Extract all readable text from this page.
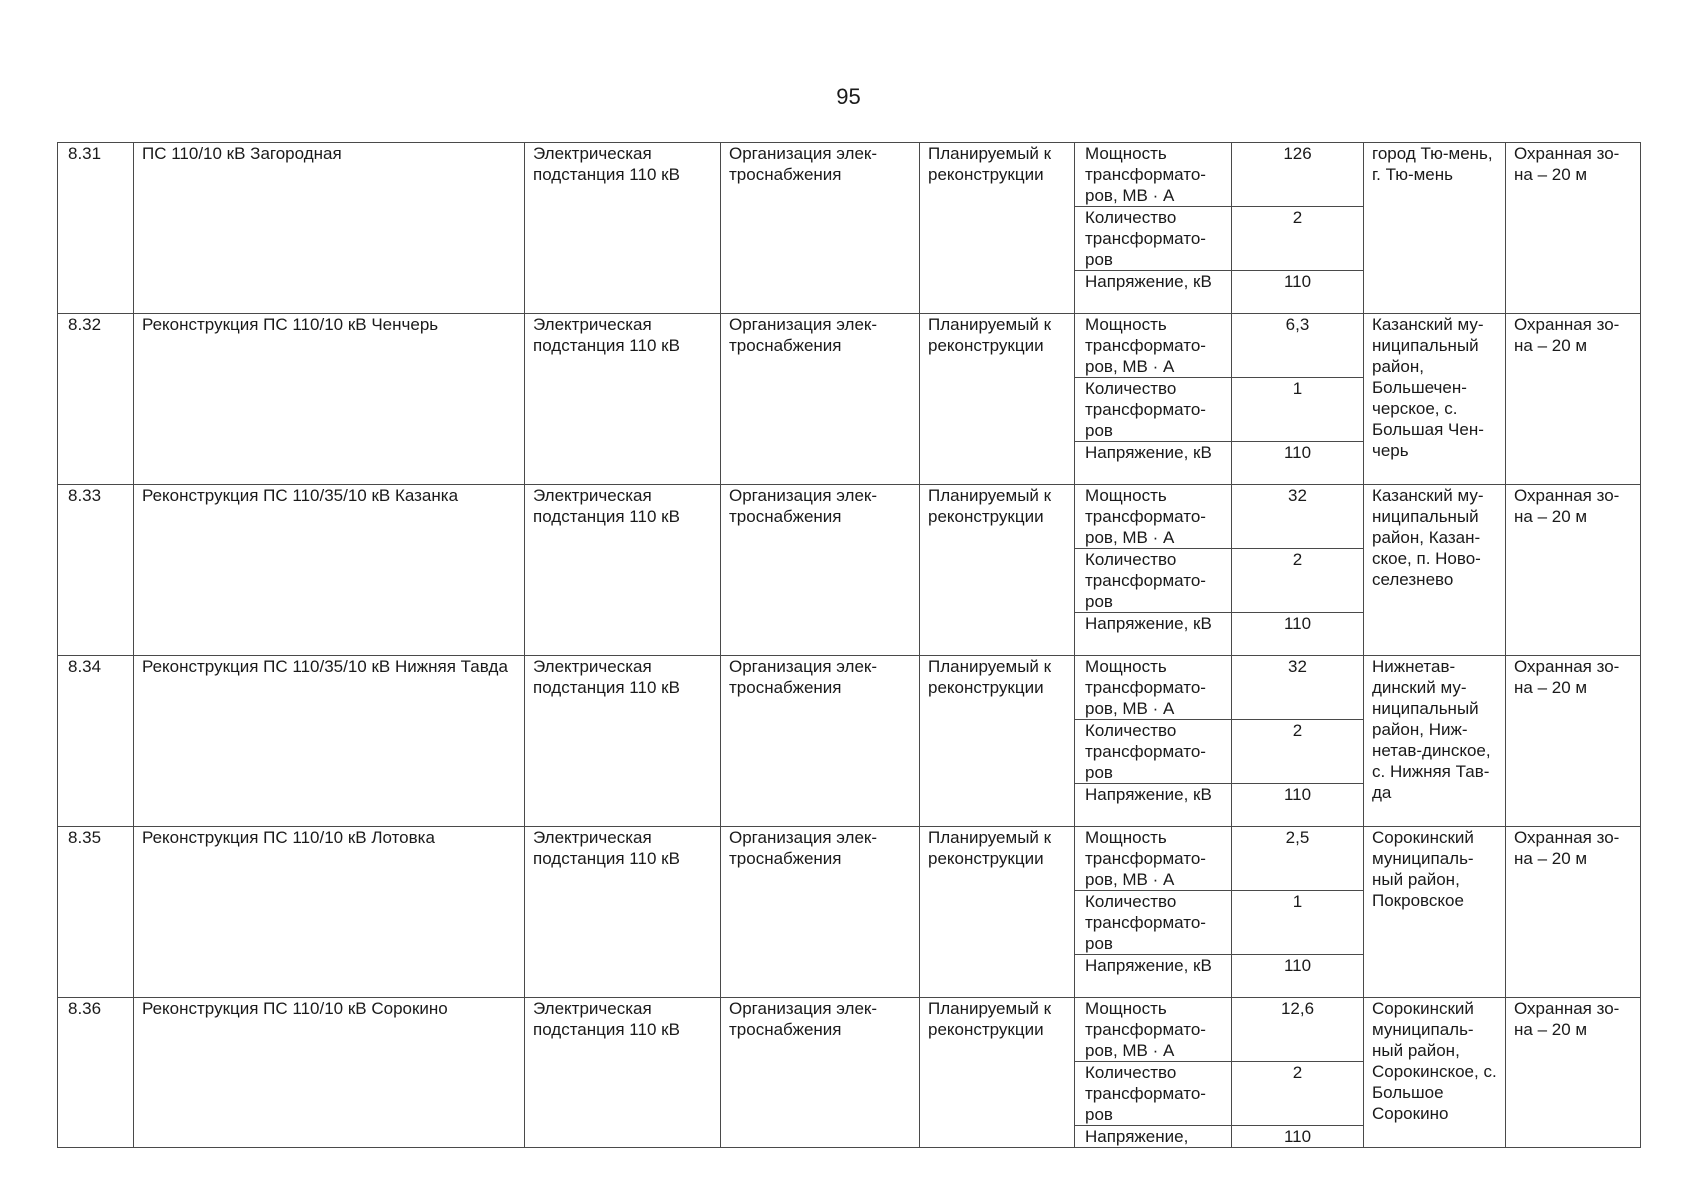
95
8.31	ПС 110/10 кВ Загородная	Электрическая подстанция 110 кВ	Организация элек-троснабжения	Планируемый к реконструкции	Мощность трансформато-ров, МВ · А	126	город Тю-мень, г. Тю-мень	Охранная зо-на – 20 м
					Количество трансформато-ров	2		
					Напряжение, кВ	110		
8.32	Реконструкция ПС 110/10 кВ Ченчерь	Электрическая подстанция 110 кВ	Организация элек-троснабжения	Планируемый к реконструкции	Мощность трансформато-ров, МВ · А	6,3	Казанский му-ниципальный район, Большечен-черское, с. Большая Чен-черь	Охранная зо-на – 20 м
					Количество трансформато-ров	1		
					Напряжение, кВ	110		
8.33	Реконструкция ПС 110/35/10 кВ Казанка	Электрическая подстанция 110 кВ	Организация элек-троснабжения	Планируемый к реконструкции	Мощность трансформато-ров, МВ · А	32	Казанский му-ниципальный район, Казан-ское, п. Ново-селезнево	Охранная зо-на – 20 м
					Количество трансформато-ров	2		
					Напряжение, кВ	110		
8.34	Реконструкция ПС 110/35/10 кВ Нижняя Тавда	Электрическая подстанция 110 кВ	Организация элек-троснабжения	Планируемый к реконструкции	Мощность трансформато-ров, МВ · А	32	Нижнетав-динский му-ниципальный район, Ниж-нетав-динское, с. Нижняя Тав-да	Охранная зо-на – 20 м
					Количество трансформато-ров	2		
					Напряжение, кВ	110		
8.35	Реконструкция ПС 110/10 кВ Лотовка	Электрическая подстанция 110 кВ	Организация элек-троснабжения	Планируемый к реконструкции	Мощность трансформато-ров, МВ · А	2,5	Сорокинский муниципаль-ный район, Покровское	Охранная зо-на – 20 м
					Количество трансформато-ров	1		
					Напряжение, кВ	110		
8.36	Реконструкция ПС 110/10 кВ Сорокино	Электрическая подстанция 110 кВ	Организация элек-троснабжения	Планируемый к реконструкции	Мощность трансформато-ров, МВ · А	12,6	Сорокинский муниципаль-ный район, Сорокинское, с. Большое Сорокино	Охранная зо-на – 20 м
					Количество трансформато-ров	2		
					Напряжение,	110		
